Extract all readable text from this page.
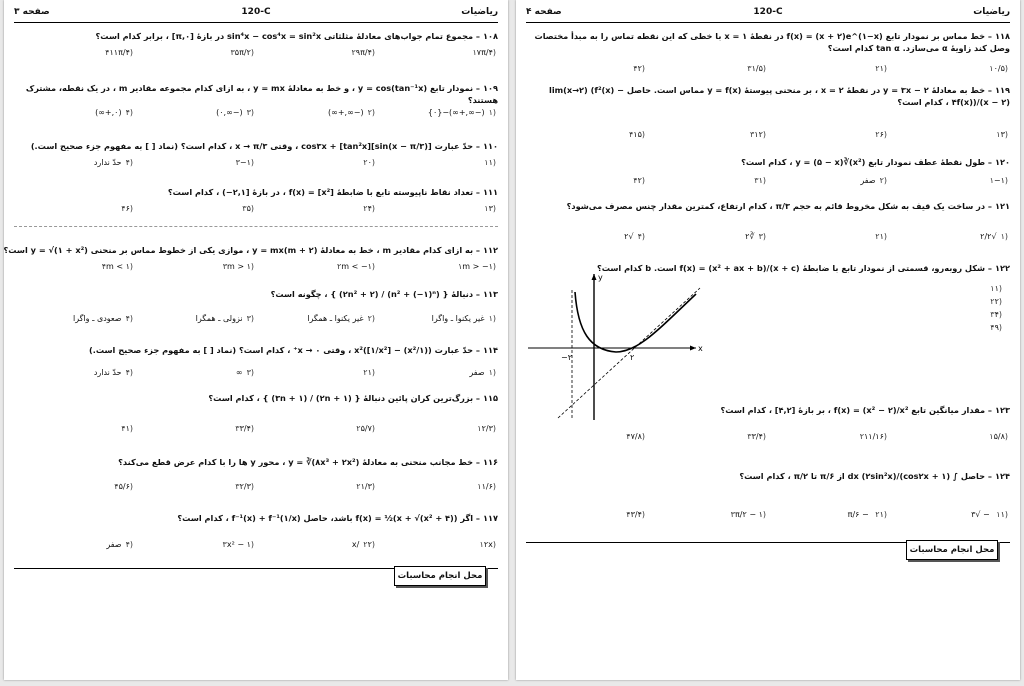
ریاضیات
120-C
صفحه ۳
۱۰۸– مجموع تمام جواب‌های معادلهٔ مثلثاتی sin⁴x − cos⁴x = sin²x در بازهٔ [π,۰] ، برابر کدام است؟
(۱۷π/۴
(۲۹π/۴
(۳۵π/۲
(۴۱۱π/۴
۱۰۹– نمودار تابع y = cos(tan⁻¹x) ، و خط به معادلهٔ y = mx ، به ازای کدام مجموعه مقادیر m ، در یک نقطه، مشترک هستند؟
(۱(−∞,+∞)−{۰}
(۲(−∞,+∞)
(۳(−∞,۰)
(۴(۰,+∞)
۱۱۰– حدّ عبارت [sin(x − π/۳)]cos۳x + [tan²x] ، وقتی x → π/۳ ، کدام است؟ (نماد [ ] به مفهوم جزء صحیح است.)
(۱۱
(۲۰
(۳−۱
(۴حدّ ندارد
۱۱۱– تعداد نقاط ناپیوسته تابع با ضابطهٔ f(x) = [x²] ، در بازهٔ [۲,۱−) ، کدام است؟
(۱۳
(۲۴
(۳۵
(۴۶
۱۱۲– به ازای کدام مقادیر m ، خط به معادلهٔ (m + ۲)y = mx ، موازی یکی از خطوط مماس بر منحنی y = √(۱ + x²) است؟
(۱m > −۱
(۲m < −۱
(۳m > ۱
(۴m < ۱
۱۱۳– دنبالهٔ { (n² + (−۱)ⁿ) / (۲n² + ۲) } ، چگونه است؟
(۱غیر یکنوا ـ واگرا
(۲غیر یکنوا ـ همگرا
(۳نزولی ـ همگرا
(۴صعودی ـ واگرا
۱۱۴– حدّ عبارت ((۱/x²) − [۱/x²])x² ، وقتی x → ۰⁺ ، کدام است؟ (نماد [ ] به مفهوم جزء صحیح است.)
(۱صفر
(۲۱
(۳∞
(۴حدّ ندارد
۱۱۵– بزرگ‌ترین کران پائین دنبالهٔ { (۲n + ۱) / (۳n + ۱) } ، کدام است؟
(۱۲/۳
(۲۵/۷
(۳۳/۴
(۴۱
۱۱۶– خط مجانب منحنی به معادلهٔ y = ∛(۸x³ + ۲x²) ، محور y ها را با کدام عرض قطع می‌کند؟
(۱۱/۶
(۲۱/۳
(۳۲/۳
(۴۵/۶
۱۱۷– اگر f(x) = ½(x + √(x² + ۴)) باشد، حاصل f⁻¹(x) + f⁻¹(۱/x) ، کدام است؟
(۱۲x
(۲۲/x
(۳x² − ۱
(۴صفر
محل انجام محاسبات
ریاضیات
120-C
صفحه ۴
۱۱۸– خط مماس بر نمودار تابع f(x) = (x + ۲)e^(۱−x) در نقطهٔ x = ۱ با خطی که این نقطه تماس را به مبدأ مختصات وصل کند زاویهٔ α می‌سازد. tan α کدام است؟
(۱۰/۵
(۲۱
(۳۱/۵
(۴۲
۱۱۹– خط به معادلهٔ y = ۳x − ۲ در نقطهٔ x = ۲ ، بر منحنی پیوستهٔ y = f(x) مماس است. حاصل lim(x→۲) (f²(x) − ۴f(x))/(x − ۲) ، کدام است؟
(۱۳
(۲۶
(۳۱۲
(۴۱۵
۱۲۰– طول نقطهٔ عطف نمودار تابع y = (۵ − x)∛(x²) ، کدام است؟
(۱−۱
(۲صفر
(۳۱
(۴۲
۱۲۱– در ساخت یک قیف به شکل مخروط قائم به حجم π/۳ ، کدام ارتفاع، کمترین مقدار چنس مصرف می‌شود؟
(۱√۲/۲
(۲۱
(۳∛۲
(۴√۲
۱۲۲– شکل روبه‌رو، قسمتی از نمودار تابع با ضابطهٔ f(x) = (x² + ax + b)/(x + c) است. b کدام است؟
(۱۱
(۲۲
(۳۴
(۴۹
x
y
−۲	۲
۱۲۳– مقدار میانگین تابع f(x) = (x² − ۲)/x² ، بر بازهٔ [۴,۲] ، کدام است؟
(۱۵/۸
(۲۱۱/۱۶
(۳۳/۴
(۴۷/۸
۱۲۴– حاصل ∫ (۱ + cos۲x)/(۲sin²x) dx از π/۶ تا π/۲ ، کدام است؟
(۱۱ − √۳
(۲۱ − π/۶
(۳π/۲ − ۱
(۴۳/۴
محل انجام محاسبات
